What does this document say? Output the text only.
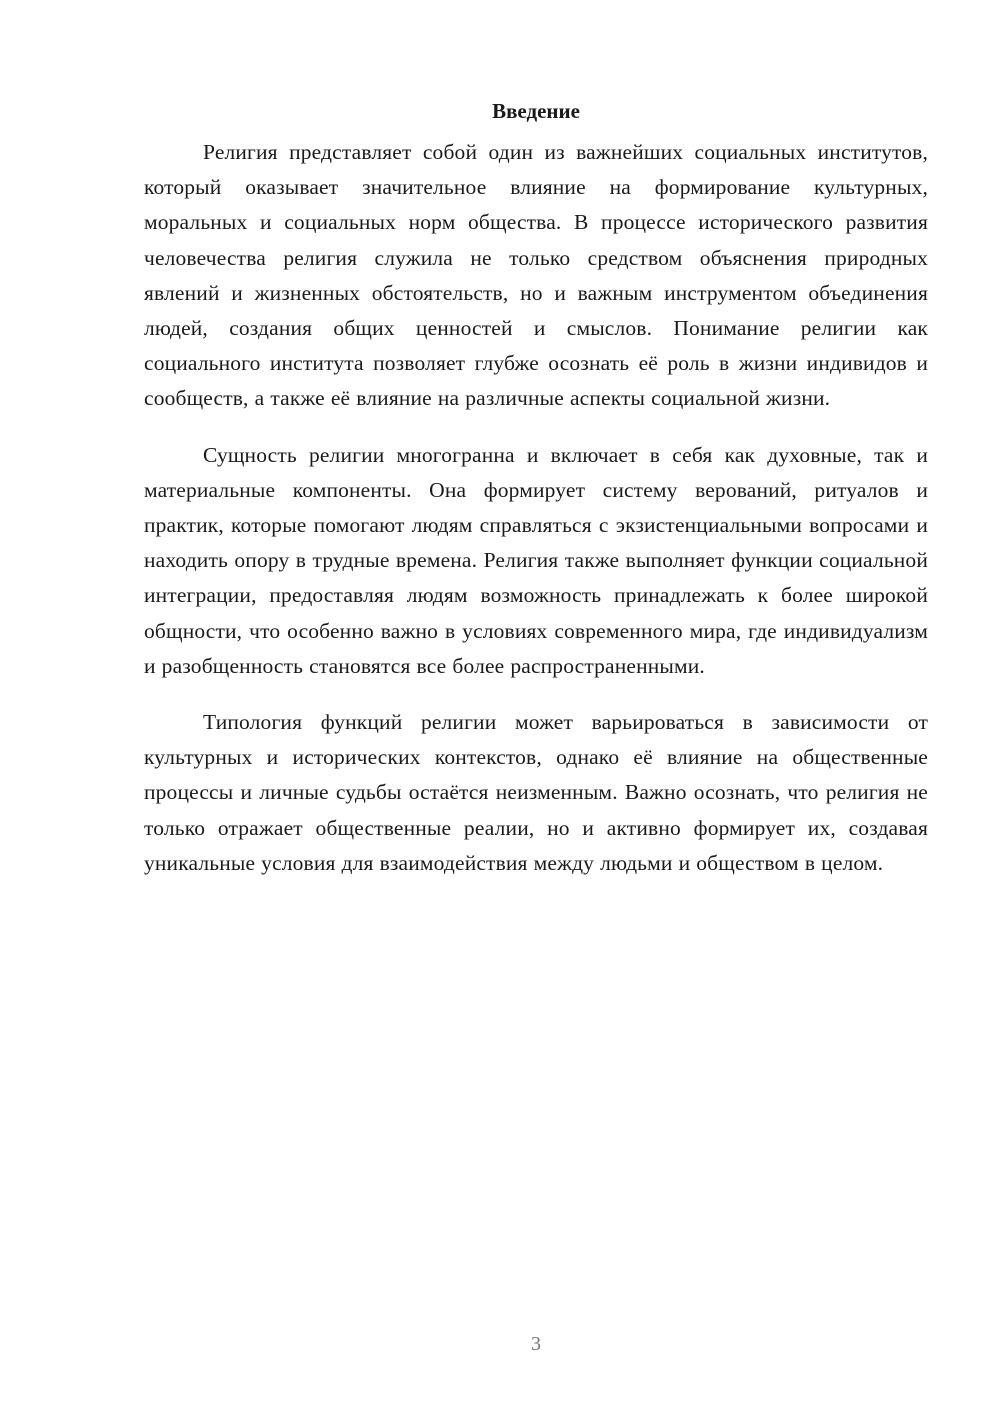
Введение

Религия представляет собой один из важнейших социальных институтов, который оказывает значительное влияние на формирование культурных, моральных и социальных норм общества. В процессе исторического развития человечества религия служила не только средством объяснения природных явлений и жизненных обстоятельств, но и важным инструментом объединения людей, создания общих ценностей и смыслов. Понимание религии как социального института позволяет глубже осознать её роль в жизни индивидов и сообществ, а также её влияние на различные аспекты социальной жизни.

Сущность религии многогранна и включает в себя как духовные, так и материальные компоненты. Она формирует систему верований, ритуалов и практик, которые помогают людям справляться с экзистенциальными вопросами и находить опору в трудные времена. Религия также выполняет функции социальной интеграции, предоставляя людям возможность принадлежать к более широкой общности, что особенно важно в условиях современного мира, где индивидуализм и разобщенность становятся все более распространенными.

Типология функций религии может варьироваться в зависимости от культурных и исторических контекстов, однако её влияние на общественные процессы и личные судьбы остаётся неизменным. Важно осознать, что религия не только отражает общественные реалии, но и активно формирует их, создавая уникальные условия для взаимодействия между людьми и обществом в целом.

3
